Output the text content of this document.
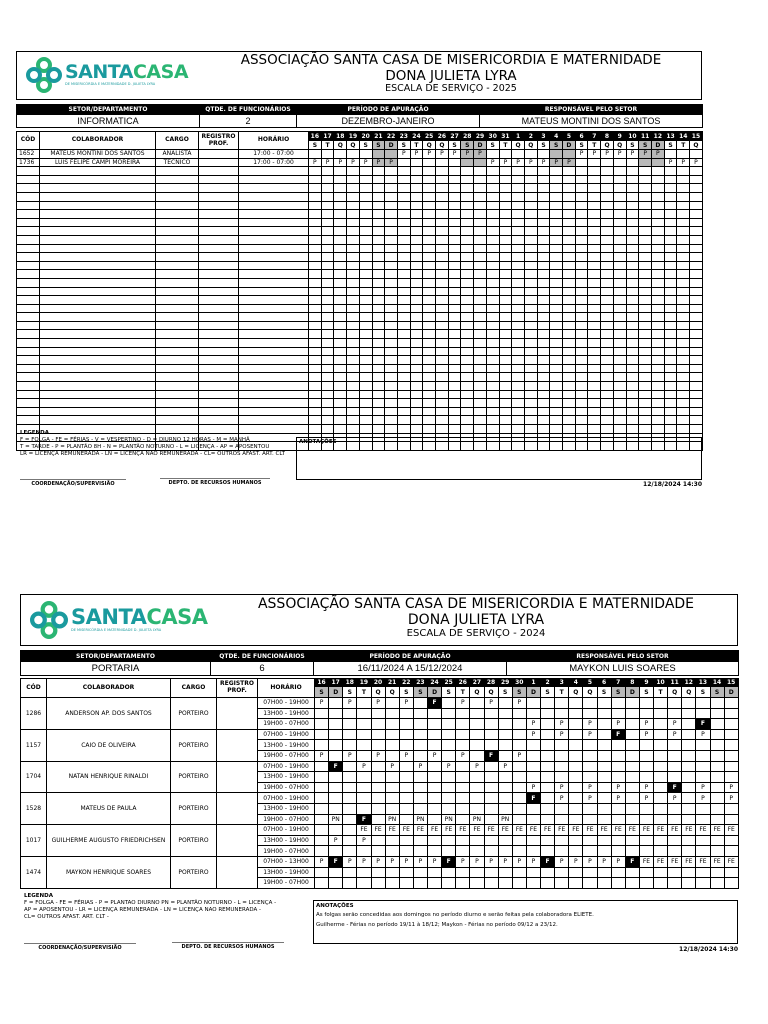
SANTACASA
DE MISERICÓRDIA E MATERNIDADE D. JULIETA LYRA
ASSOCIAÇÃO SANTA CASA DE MISERICORDIA E MATERNIDADE
DONA JULIETA LYRA
ESCALA DE SERVIÇO - 2025
SETOR/DEPARTAMENTO	QTDE. DE FUNCIONÁRIOS	PERÍODO DE APURAÇÃO	RESPONSÁVEL PELO SETOR
INFORMATICA	2	DEZEMBRO-JANEIRO	MATEUS MONTINI DOS SANTOS
CÓD	COLABORADOR	CARGO	REGISTRO PROF.	HORÁRIO	16	17	18	19	20	21	22	23	24	25	26	27	28	29	30	31	1	2	3	4	5	6	7	8	9	10	11	12	13	14	15
					S	T	Q	Q	S	S	D	S	T	Q	Q	S	S	D	S	T	Q	Q	S	S	D	S	T	Q	Q	S	S	D	S	T	Q
1652	MATEUS MONTINI DOS SANTOS	ANALISTA		17:00 - 07:00								P	P	P	P	P	P	P								P	P	P	P	P	P	P			
1736	LUIS FELIPE CAMPI MOREIRA	TECNICO		17:00 - 07:00	P	P	P	P	P	P	P								P	P	P	P	P	P	P								P	P	P

LEGENDA
F = FOLGA - FE = FÉRIAS - V = VESPERTINO - D = DIURNO 12 HORAS - M = MANHÃ
T = TARDE - P = PLANTÃO 8H - N = PLANTÃO NOTURNO - L = LICENÇA - AP = APOSENTOU
LR = LICENÇA REMUNERADA - LN = LICENÇA NAO REMUNERADA - CL= OUTROS AFAST. ART. CLT
ANOTAÇÕES
COORDENAÇÃO/SUPERVISIÃO	DEPTO. DE RECURSOS HUMANOS	12/18/2024 14:30
SANTACASA
DE MISERICÓRDIA E MATERNIDADE D. JULIETA LYRA
ASSOCIAÇÃO SANTA CASA DE MISERICORDIA E MATERNIDADE
DONA JULIETA LYRA
ESCALA DE SERVIÇO - 2024
SETOR/DEPARTAMENTO	QTDE. DE FUNCIONÁRIOS	PERÍODO DE APURAÇÃO	RESPONSÁVEL PELO SETOR
PORTARIA	6	16/11/2024 A 15/12/2024	MAYKON LUIS SOARES
CÓD	COLABORADOR	CARGO	REGISTRO PROF.	HORÁRIO	16	17	18	19	20	21	22	23	24	25	26	27	28	29	30	1	2	3	4	5	6	7	8	9	10	11	12	13	14	15
					S	D	S	T	Q	Q	S	S	D	S	T	Q	Q	S	S	D	S	T	Q	Q	S	S	D	S	T	Q	Q	S	S	D
1286	ANDERSON AP. DOS SANTOS	PORTEIRO		07H00 - 19H00	P		P		P		P		F		P		P		P															
				13H00 - 19H00																														
				19H00 - 07H00																P		P		P		P		P		P		F		
1157	CAIO DE OLIVEIRA	PORTEIRO		07H00 - 19H00																P		P		P		F		P		P		P		
				13H00 - 19H00																														
				19H00 - 07H00	P		P		P		P		P		P		F		P															
1704	NATAN HENRIQUE RINALDI	PORTEIRO		07H00 - 19H00		F		P		P		P		P		P		P																
				13H00 - 19H00																														
				19H00 - 07H00																P		P		P		P		P		F		P		P
1528	MATEUS DE PAULA	PORTEIRO		07H00 - 19H00																F		P		P		P		P		P		P		P
				13H00 - 19H00																														
				19H00 - 07H00		PN		F		PN		PN		PN		PN		PN																
1017	GUILHERME AUGUSTO FRIEDRICHSEN	PORTEIRO		07H00 - 19H00				FE	FE	FE	FE	FE	FE	FE	FE	FE	FE	FE	FE	FE	FE	FE	FE	FE	FE	FE	FE	FE	FE	FE	FE	FE	FE	FE
				13H00 - 19H00		P		P																										
				19H00 - 07H00																														
1474	MAYKON HENRIQUE SOARES	PORTEIRO		07H00 - 13H00	P	F	P	P	P	P	P	P	P	F	P	P	P	P	P	P	F	P	P	P	P	P	F	FE	FE	FE	FE	FE	FE	FE
				13H00 - 19H00																														
				19H00 - 07H00																														
LEGENDA
F = FOLGA - FE = FÉRIAS - P = PLANTAO DIURNO PN = PLANTÃO NOTURNO - L = LICENÇA -
AP = APOSENTOU - LR = LICENÇA REMUNERADA - LN = LICENÇA NAO REMUNERADA -
CL= OUTROS AFAST. ART. CLT -
ANOTAÇÕES
As folgas serão concedidas aos domingos no período diurno e serão feitas pela colaboradora ELIETE.
Guilherme - Férias no período 19/11 à 18/12; Maykon - Férias no período 09/12 a 23/12.
COORDENAÇÃO/SUPERVISIÃO	DEPTO. DE RECURSOS HUMANOS	12/18/2024 14:30
